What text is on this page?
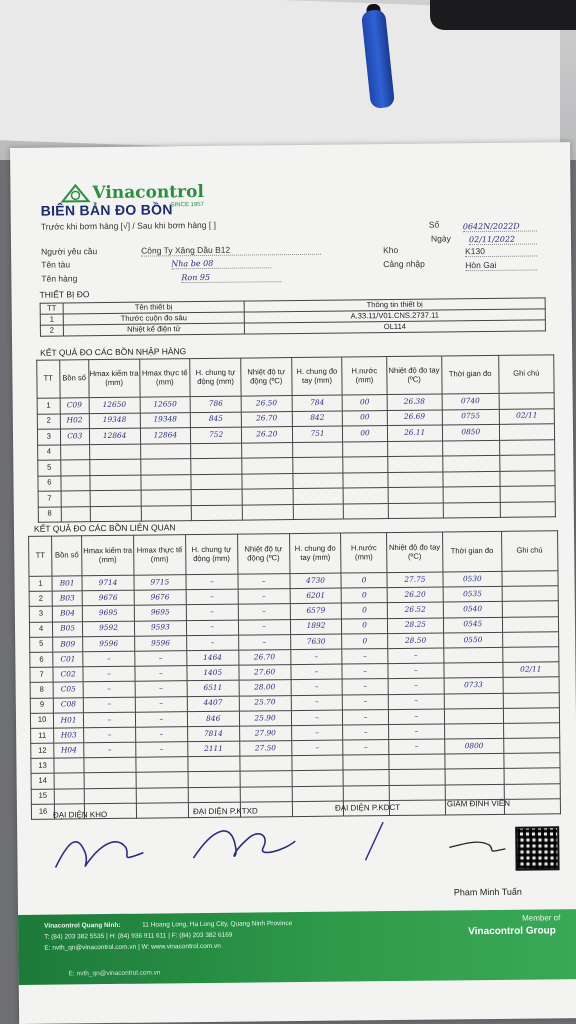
Vinacontrol
SINCE 1957
BIÊN BẢN ĐO BỒN
Trước khi bơm hàng [√] / Sau khi bơm hàng [ ]	Số	0642N/2022D
Ngày 02/11/2022
Người yêu cầu	Công Ty Xăng Dầu B12	Kho	K130
Tên tàu	Nha be 08	Cảng nhập	Hòn Gai
Tên hàng	Ron 95
THIẾT BỊ ĐO
TT	Tên thiết bị	Thông tin thiết bị
1	Thước cuộn đo sâu	A.33.11/V01.CNS.2737.11
2	Nhiệt kế điện tử	OL114
KẾT QUẢ ĐO CÁC BỒN NHẬP HÀNG
TT	Bồn số	Hmax kiểm tra (mm)	Hmax thực tế (mm)	H. chung tự động (mm)	Nhiệt độ tự động (ºC)	H. chung đo tay (mm)	H.nước (mm)	Nhiệt độ đo tay (ºC)	Thời gian đo	Ghi chú
1	C09	12650	12650	786	26.50	784	00	26.38	0740	
2	H02	19348	19348	845	26.70	842	00	26.69	0755	02/11
3	C03	12864	12864	752	26.20	751	00	26.11	0850	
4										
5										
6										
7										
8										
KẾT QUẢ ĐO CÁC BỒN LIÊN QUAN
TT	Bồn số	Hmax kiểm tra (mm)	Hmax thực tế (mm)	H. chung tự động (mm)	Nhiệt độ tự động (ºC)	H. chung đo tay (mm)	H.nước (mm)	Nhiệt độ đo tay (ºC)	Thời gian đo	Ghi chú
1	B01	9714	9715	–	–	4730	0	27.75	0530	
2	B03	9676	9676	–	–	6201	0	26.20	0535	
3	B04	9695	9695	–	–	6579	0	26.52	0540	
4	B05	9592	9593	–	–	1892	0	28.25	0545	
5	B09	9596	9596	–	–	7630	0	28.50	0550	
6	C01	–	–	1464	26.70	–	–	–		
7	C02	–	–	1405	27.60	–	–	–		02/11
8	C05	–	–	6511	28.00	–	–	–	0733	
9	C08	–	–	4407	25.70	–	–	–		
10	H01	–	–	846	25.90	–	–	–		
11	H03	–	–	7814	27.90	–	–	–		
12	H04	–	–	2111	27.50	–	–	–	0800	
13										
14										
15										
16										ĐẠI DIỆN KHO	ĐẠI DIỆN P.KTXD	ĐẠI DIỆN P.KDCT	GIÁM ĐỊNH VIÊN
Pham Minh Tuấn
Vinacontrol Quang Ninh:	11 Hoang Long, Ha Long City, Quang Ninh Province
T: (84) 203 382 5535 | H: (84) 936 911 611 | F: (84) 203 382 6169
E: nvth_qn@vinacontrol.com.vn | W: www.vinacontrol.com.vn
Member of
Vinacontrol Group
E: nvth_qn@vinacontrol.com.vn
